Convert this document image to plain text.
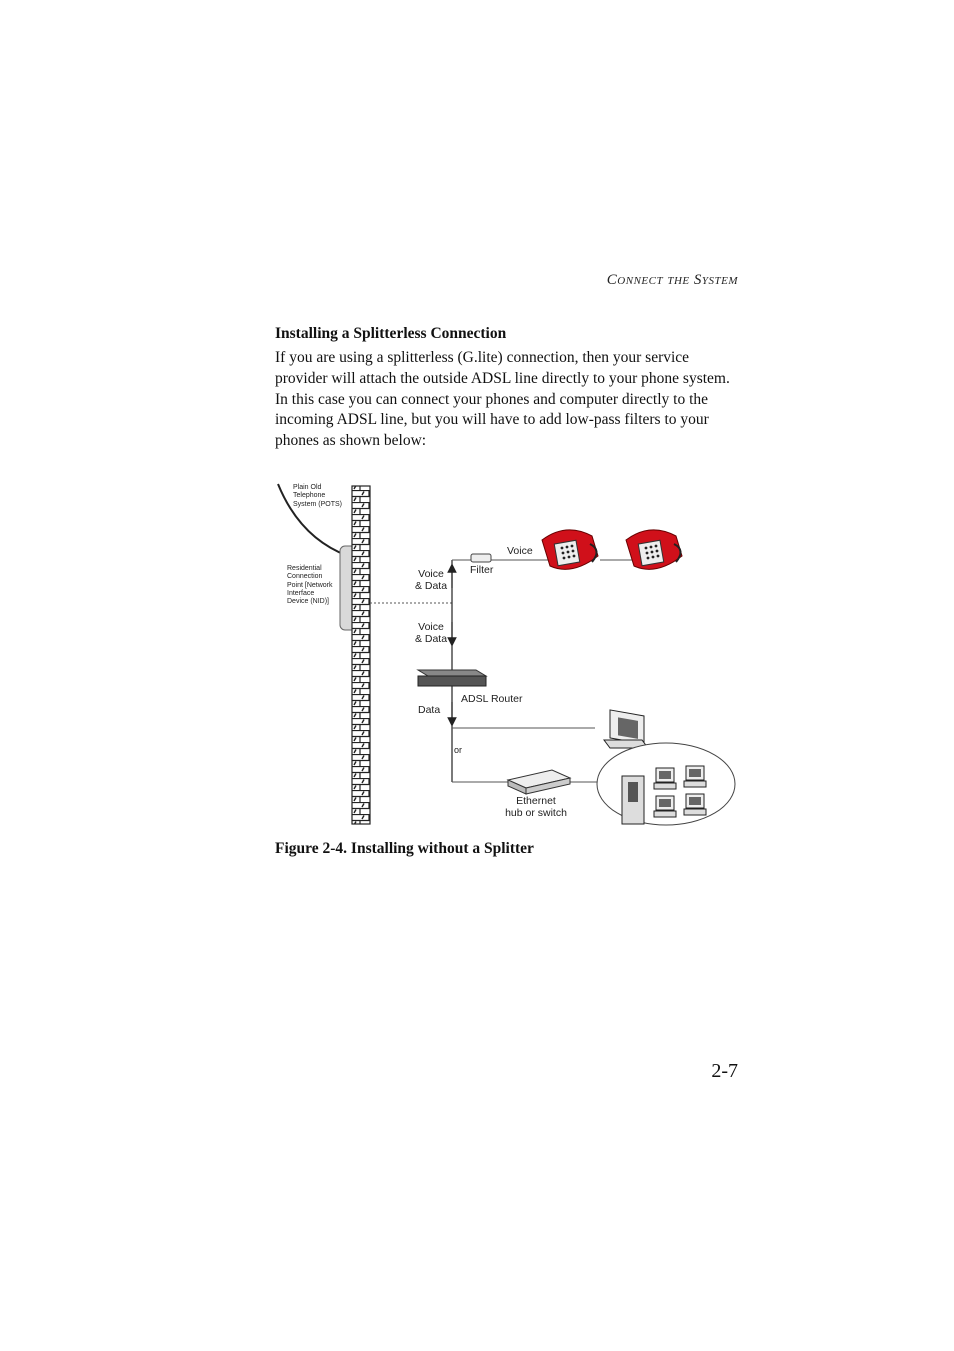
CONNECT THE SYSTEM
Installing a Splitterless Connection

If you are using a splitterless (G.lite) connection, then your service provider will attach the outside ADSL line directly to your phone system. In this case you can connect your phones and computer directly to the incoming ADSL line, but you will have to add low-pass filters to your phones as shown below:

Plain Old
Telephone
System (POTS)
Residential
Connection
Point [Network
Interface
Device (NID)]
Voice
& Data
Voice
& Data
Filter
Voice
ADSL Router
Data
or
Ethernet
hub or switch
Figure 2-4. Installing without a Splitter
2-7
